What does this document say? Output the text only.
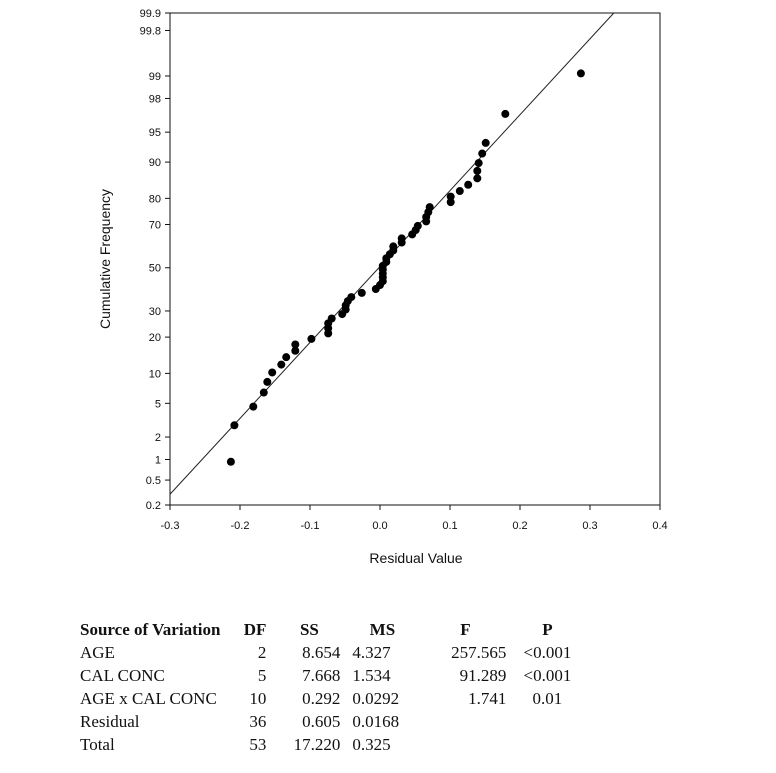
-0.3	-0.2	-0.1	0.0	0.1	0.2	0.3	0.4
0.2
0.5
1
2
5
10
20
30
50
70
80
90
95
98
99
99.8
99.9
Residual Value
Cumulative Frequency
Source of Variation	DF	SS	MS	F	P
AGE	2	8.654	4.327	257.565	<0.001
CAL CONC	5	7.668	1.534	91.289	<0.001
AGE x CAL CONC	10	0.292	0.0292	1.741	0.01
Residual	36	0.605	0.0168		
Total	53	17.220	0.325		
